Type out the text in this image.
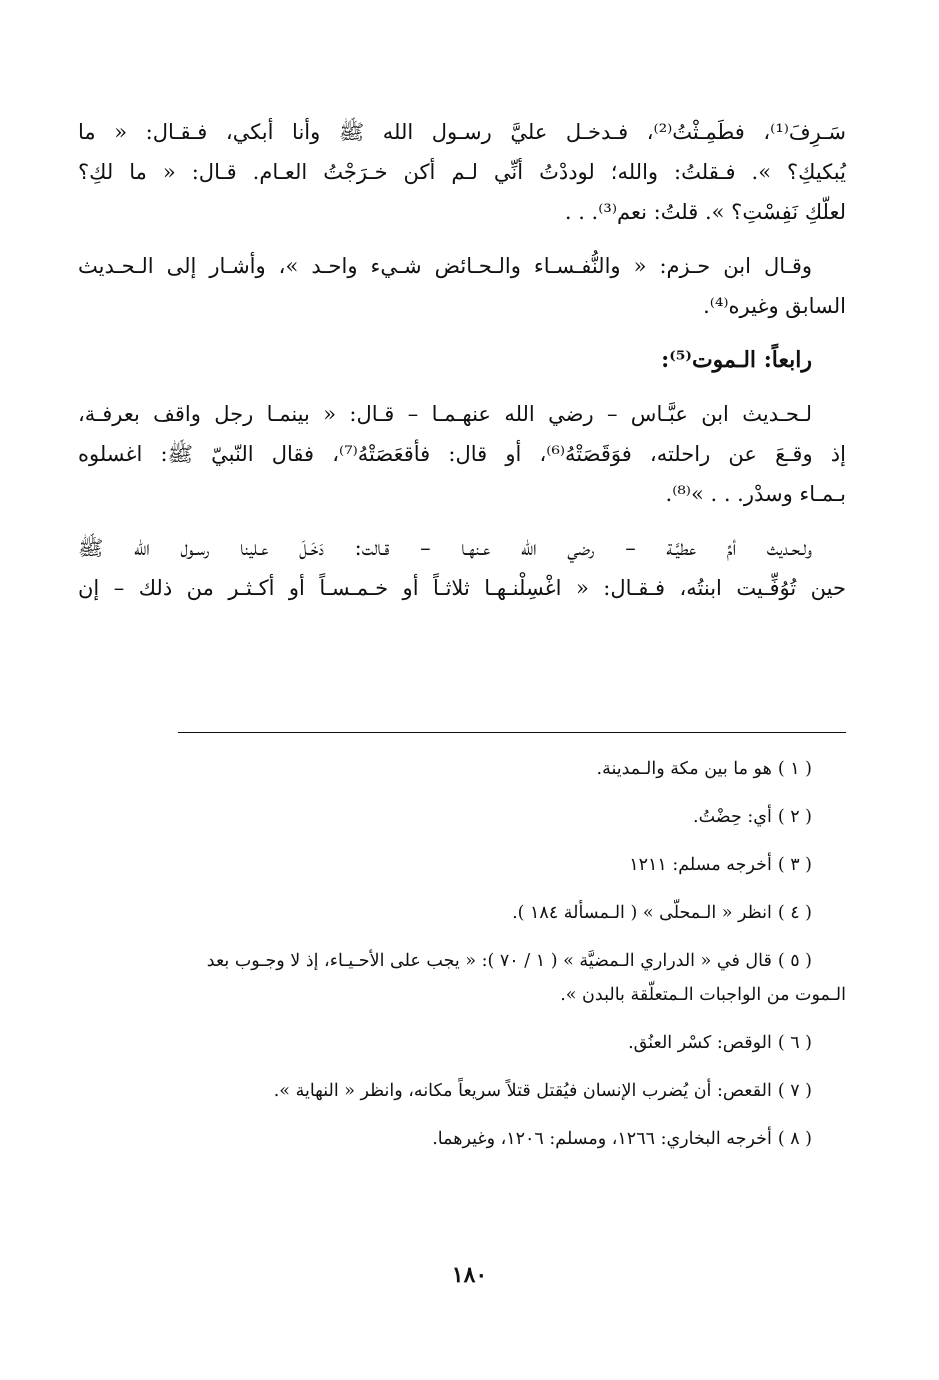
سَـرِفَ⁽¹⁾، فطَمِـثْتُ⁽²⁾، فـدخـل عليَّ رسـول الله ﷺ وأنا أبكي، فـقـال: « ما
يُبكيكِ؟ ». فـقلتُ: والله؛ لوددْتُ أنِّي لـم أكن خـرَجْتُ العـام. قـال: « ما لكِ؟
لعلّكِ نَفِسْتِ؟ ». قلتُ: نعم⁽³⁾. . .

وقـال ابن حـزم: « والنُّفـسـاء والـحـائض شـيء واحـد »، وأشـار إلى الـحـديث
السابق وغيره⁽⁴⁾.

رابعاً: الـموت⁽⁵⁾:

لـحـديث ابن عبَّـاس – رضي الله عنهـمـا – قـال: « بينمـا رجل واقف بعرفـة،
إذ وقـعَ عن راحلته، فوَقَصَتْهُ⁽⁶⁾، أو قال: فأقعَصَتْهُ⁽⁷⁾، فقال النّبيّ ﷺ: اغسلوه
بـمـاء وسدْر. . . »⁽⁸⁾.

ولـحـديث أمِّ عطيَّـة – رضي الله عـنهـا – قـالت: دَخَـلَ عـلينا رسـول الله ﷺ
حين تُوُفِّـيت ابنتُه، فـقـال: « اغْسِلْنـهـا ثلاثـاً أو خـمـسـاً أو أكـثـر من ذلك – إن

( ١ )هو ما بين مكة والـمدينة.
( ٢ )أي: حِضْتُ.
( ٣ )أخرجه مسلم: ١٢١١
( ٤ )انظر « الـمحلّى » ( الـمسألة ١٨٤ ).
( ٥ )قال في « الدراري الـمضيَّة » ( ١ / ٧٠ ): « يجب على الأحـيـاء، إذ لا وجـوب بعد
الـموت من الواجبات الـمتعلّقة بالبدن ».
( ٦ )الوقص: كسْر العنُق.
( ٧ )القعص: أن يُضرب الإنسان فيُقتل قتلاً سريعاً مكانه، وانظر « النهاية ».
( ٨ )أخرجه البخاري: ١٢٦٦، ومسلم: ١٢٠٦، وغيرهما.
١٨٠
